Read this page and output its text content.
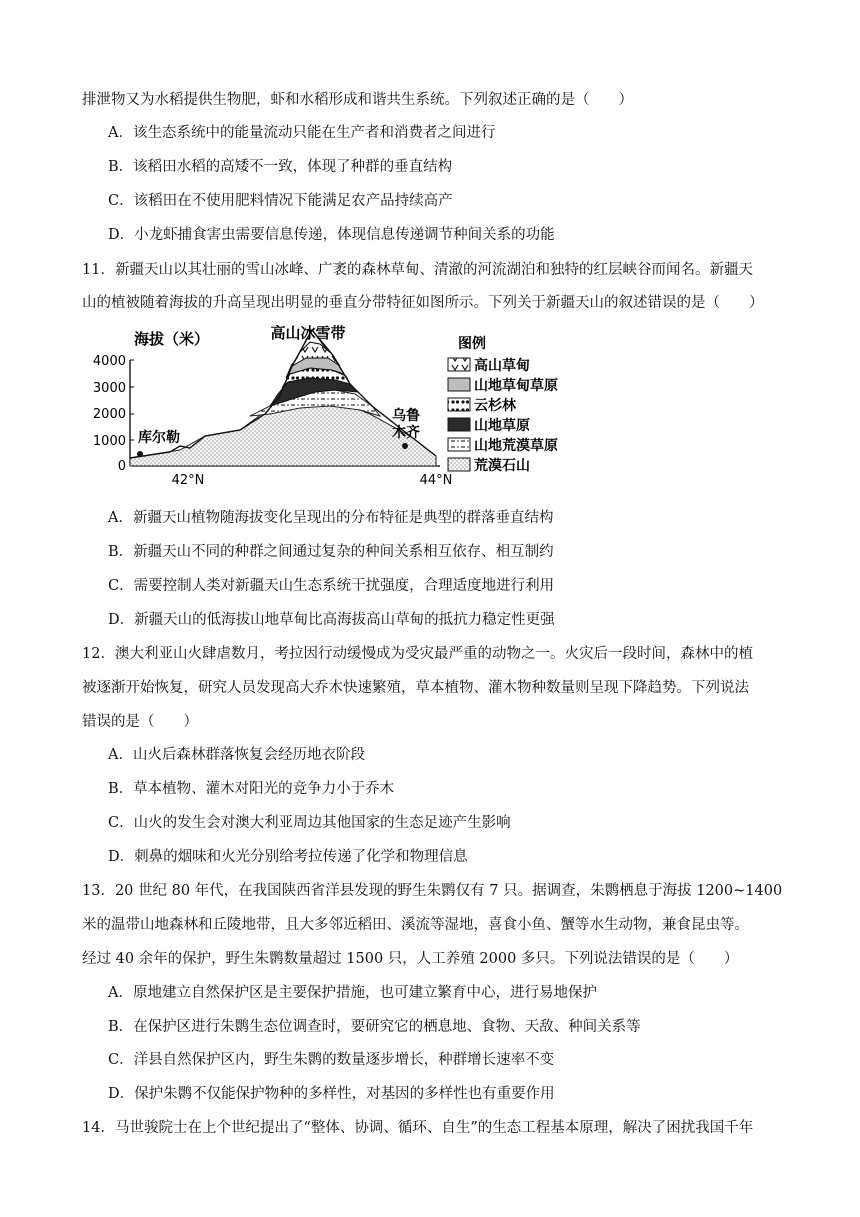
排泄物又为水稻提供生物肥，虾和水稻形成和谐共生系统。下列叙述正确的是（　　）
A．该生态系统中的能量流动只能在生产者和消费者之间进行
B．该稻田水稻的高矮不一致，体现了种群的垂直结构
C．该稻田在不使用肥料情况下能满足农产品持续高产
D．小龙虾捕食害虫需要信息传递，体现信息传递调节种间关系的功能
11．新疆天山以其壮丽的雪山冰峰、广袤的森林草甸、清澈的河流湖泊和独特的红层峡谷而闻名。新疆天
山的植被随着海拔的升高呈现出明显的垂直分带特征如图所示。下列关于新疆天山的叙述错误的是（　　）
海拔（米）
4000
3000
2000
1000
0
42°N	44°N
库尔勒
乌鲁
木齐
高山冰雪带
图例
高山草甸
山地草甸草原
云杉林
山地草原
山地荒漠草原
荒漠石山
A．新疆天山植物随海拔变化呈现出的分布特征是典型的群落垂直结构
B．新疆天山不同的种群之间通过复杂的种间关系相互依存、相互制约
C．需要控制人类对新疆天山生态系统干扰强度，合理适度地进行利用
D．新疆天山的低海拔山地草甸比高海拔高山草甸的抵抗力稳定性更强
12．澳大利亚山火肆虐数月，考拉因行动缓慢成为受灾最严重的动物之一。火灾后一段时间，森林中的植
被逐渐开始恢复，研究人员发现高大乔木快速繁殖，草本植物、灌木物种数量则呈现下降趋势。下列说法
错误的是（　　）
A．山火后森林群落恢复会经历地衣阶段
B．草本植物、灌木对阳光的竞争力小于乔木
C．山火的发生会对澳大利亚周边其他国家的生态足迹产生影响
D．刺鼻的烟味和火光分别给考拉传递了化学和物理信息
13．20 世纪 80 年代，在我国陕西省洋县发现的野生朱鹮仅有 7 只。据调查，朱鹮栖息于海拔 1200~1400
米的温带山地森林和丘陵地带，且大多邻近稻田、溪流等湿地，喜食小鱼、蟹等水生动物，兼食昆虫等。
经过 40 余年的保护，野生朱鹮数量超过 1500 只，人工养殖 2000 多只。下列说法错误的是（　　）
A．原地建立自然保护区是主要保护措施，也可建立繁育中心，进行易地保护
B．在保护区进行朱鹮生态位调查时，要研究它的栖息地、食物、天敌、种间关系等
C．洋县自然保护区内，野生朱鹮的数量逐步增长，种群增长速率不变
D．保护朱鹮不仅能保护物种的多样性，对基因的多样性也有重要作用
14．马世骏院士在上个世纪提出了“整体、协调、循环、自生”的生态工程基本原理，解决了困扰我国千年
